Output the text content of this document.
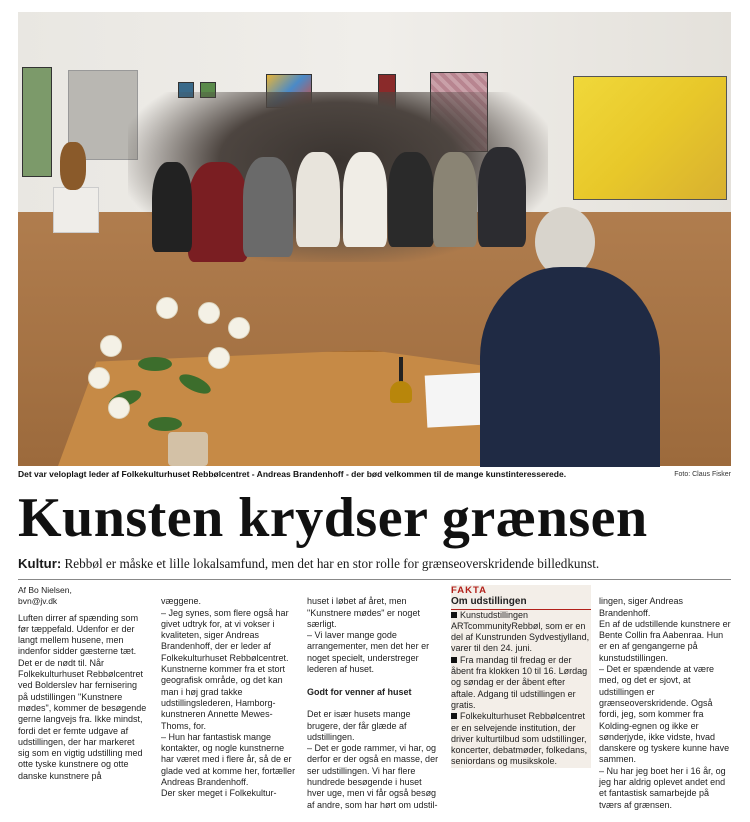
Det var veloplagt leder af Folkekulturhuset Rebbølcentret - Andreas Brandenhoff - der bød velkommen til de mange kunstinteresserede.	Foto: Claus Fisker
Kunsten krydser grænsen
Kultur: Rebbøl er måske et lille lokalsamfund, men det har en stor rolle for grænseoverskridende billedkunst.

Af Bo Nielsen,

bvn@jv.dk

Luften dirrer af spænding som før tæppefald. Udenfor er der langt mellem husene, men indenfor sidder gæsterne tæt. Det er de nødt til. Når Folkekulturhuset Rebbølcentret ved Bolderslev har fernisering på udstillingen "Kunstnere mødes", kommer de besøgende gerne langvejs fra. Ikke mindst, fordi det er femte udgave af udstillingen, der har markeret sig som en vigtig udstilling med otte tyske kunstnere og otte danske kunstnere på

væggene.
– Jeg synes, som flere også har givet udtryk for, at vi vokser i kvaliteten, siger Andreas Brandenhoff, der er leder af Folkekulturhuset Rebbølcentret.
Kunstnerne kommer fra et stort geografisk område, og det kan man i høj grad takke udstillingslederen, Hamborg-kunstneren Annette Mewes-Thoms, for.
– Hun har fantastisk mange kontakter, og nogle kunstnerne har været med i flere år, så de er glade ved at komme her, fortæller Andreas Brandenhoff.
Der sker meget i Folkekultur-

huset i løbet af året, men "Kunstnere mødes" er noget særligt.
– Vi laver mange gode arrangementer, men det her er noget specielt, understreger lederen af huset.

Godt for venner af huset

Det er især husets mange brugere, der får glæde af udstillingen.
– Det er gode rammer, vi har, og derfor er der også en masse, der ser udstillingen. Vi har flere hundrede besøgende i huset hver uge, men vi får også besøg af andre, som har hørt om udstil-

FAKTA

Om udstillingen

Kunstudstillingen ARTcommunityRebbøl, som er en del af Kunstrunden Sydvestjylland, varer til den 24. juni.

Fra mandag til fredag er der åbent fra klokken 10 til 16. Lørdag og søndag er der åbent efter aftale. Adgang til udstillingen er gratis.

Folkekulturhuset Rebbølcentret er en selvejende institution, der driver kulturtilbud som udstillinger, koncerter, debatmøder, folkedans, seniordans og musikskole.

lingen, siger Andreas Brandenhoff.
En af de udstillende kunstnere er Bente Collin fra Aabenraa. Hun er en af gengangerne på kunstudstillingen.
– Det er spændende at være med, og det er sjovt, at udstillingen er grænseoverskridende. Også fordi, jeg, som kommer fra Kolding-egnen og ikke er sønderjyde, ikke vidste, hvad danskere og tyskere kunne have sammen.
– Nu har jeg boet her i 16 år, og jeg har aldrig oplevet andet end et fantastisk samarbejde på tværs af grænsen.
